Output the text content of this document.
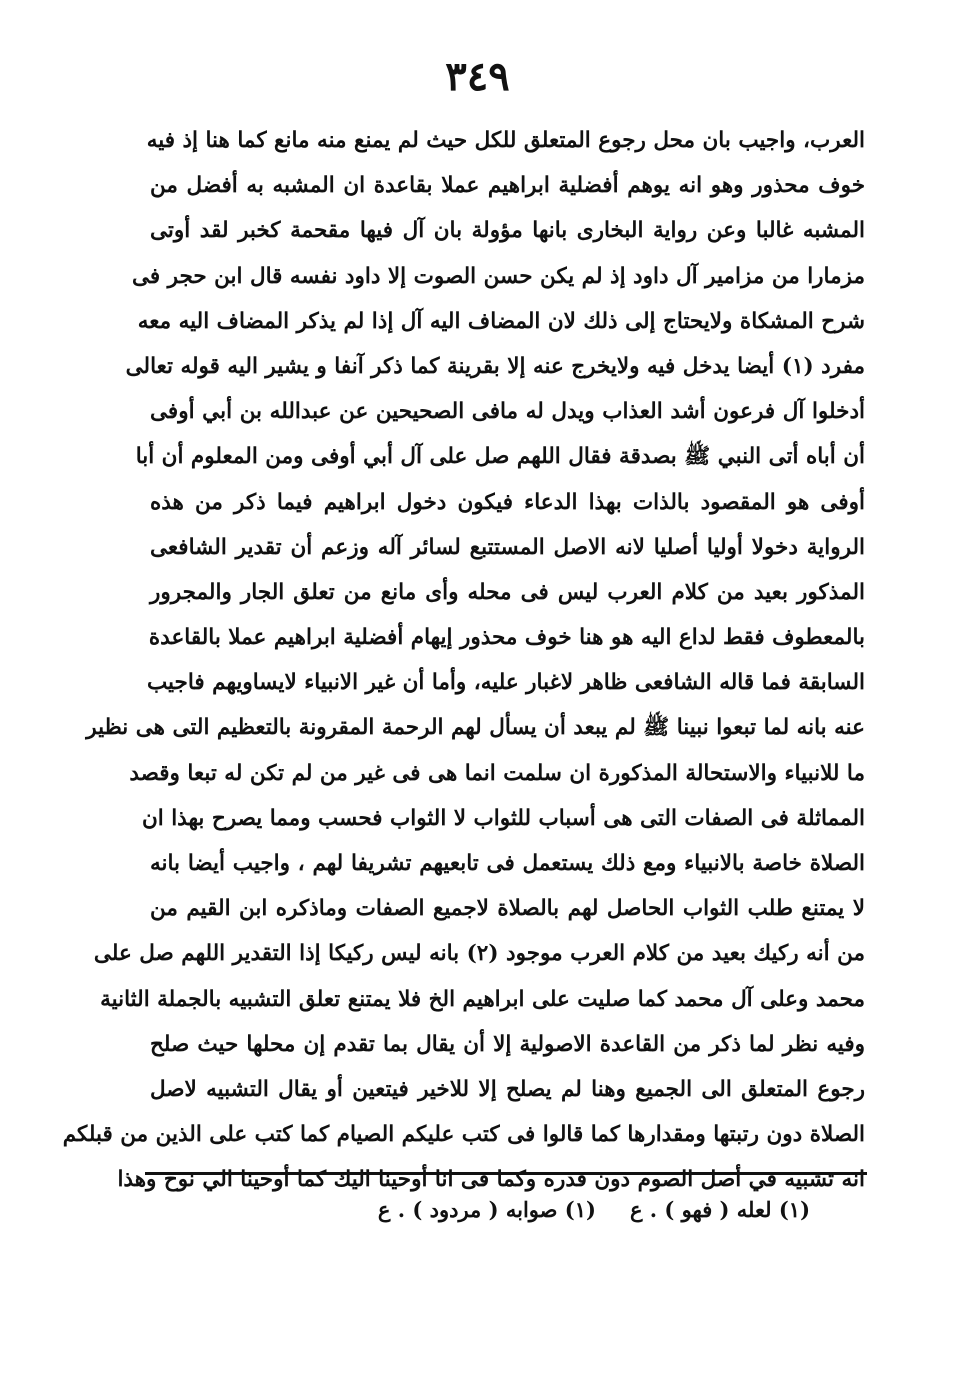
٣٤٩
العرب، واجيب بان محل رجوع المتعلق للكل حيث لم يمنع منه مانع كما هنا إذ فيه
خوف محذور وهو انه يوهم أفضلية ابراهيم عملا بقاعدة ان المشبه به أفضل من
المشبه غالبا وعن رواية البخارى بانها مؤولة بان آل فيها مقحمة كخبر لقد أوتى
مزمارا من مزامير آل داود إذ لم يكن حسن الصوت إلا داود نفسه قال ابن حجر فى
شرح المشكاة ولايحتاج إلى ذلك لان المضاف اليه آل إذا لم يذكر المضاف اليه معه
مفرد (١) أيضا يدخل فيه ولايخرج عنه إلا بقرينة كما ذكر آنفا و يشير اليه قوله تعالى
أدخلوا آل فرعون أشد العذاب ويدل له مافى الصحيحين عن عبدالله بن أبي أوفى
أن أباه أتى النبي ﷺ بصدقة فقال اللهم صل على آل أبي أوفى ومن المعلوم أن أبا
أوفى هو المقصود بالذات بهذا الدعاء فيكون دخول ابراهيم فيما ذكر من هذه
الرواية دخولا أوليا أصليا لانه الاصل المستتبع لسائر آله وزعم أن تقدير الشافعى
المذكور بعيد من كلام العرب ليس فى محله وأى مانع من تعلق الجار والمجرور
بالمعطوف فقط لداع اليه هو هنا خوف محذور إيهام أفضلية ابراهيم عملا بالقاعدة
السابقة فما قاله الشافعى ظاهر لاغبار عليه، وأما أن غير الانبياء لايساويهم فاجيب
عنه بانه لما تبعوا نبينا ﷺ لم يبعد أن يسأل لهم الرحمة المقرونة بالتعظيم التى هى نظير
ما للانبياء والاستحالة المذكورة ان سلمت انما هى فى غير من لم تكن له تبعا وقصد
المماثلة فى الصفات التى هى أسباب للثواب لا الثواب فحسب ومما يصرح بهذا ان
الصلاة خاصة بالانبياء ومع ذلك يستعمل فى تابعيهم تشريفا لهم ، واجيب أيضا بانه
لا يمتنع طلب الثواب الحاصل لهم بالصلاة لاجميع الصفات وماذكره ابن القيم من
من أنه ركيك بعيد من كلام العرب موجود (٢) بانه ليس ركيكا إذا التقدير اللهم صل على
محمد وعلى آل محمد كما صليت على ابراهيم الخ فلا يمتنع تعلق التشبيه بالجملة الثانية
وفيه نظر لما ذكر من القاعدة الاصولية إلا أن يقال بما تقدم إن محلها حيث صلح
رجوع المتعلق الى الجميع وهنا لم يصلح إلا للاخير فيتعين أو يقال التشبيه لاصل
الصلاة دون رتبتها ومقدارها كما قالوا فى كتب عليكم الصيام كما كتب على الذين من قبلكم
انه تشبيه في أصل الصوم دون قدره وكما فى انا أوحينا اليك كما أوحينا الي نوح وهذا
(١) لعله ( فهو ) . ع
(١) صوابه ( مردود ) . ع
